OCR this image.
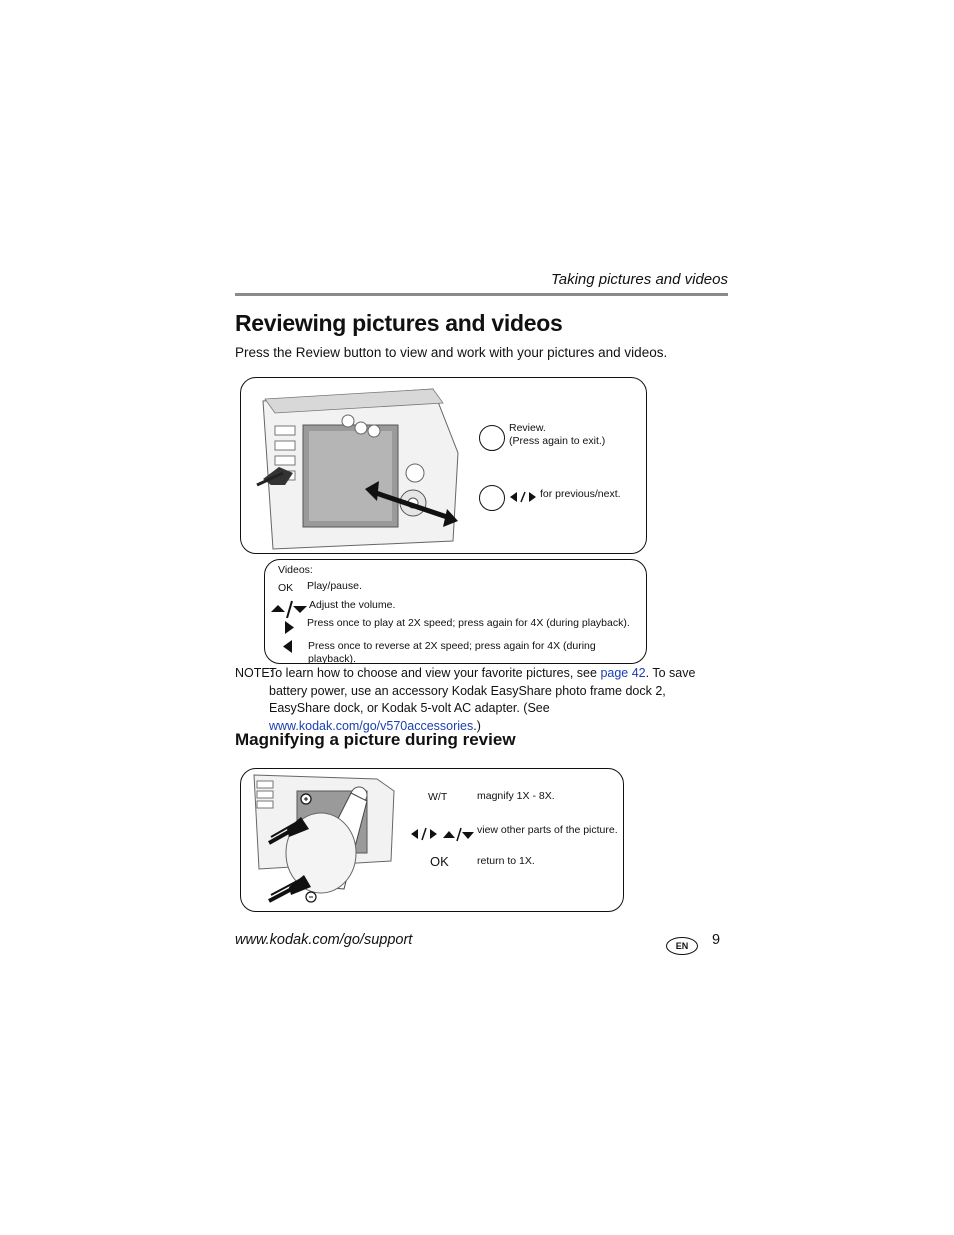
Taking pictures and videos
Reviewing pictures and videos
Press the Review button to view and work with your pictures and videos.
Review.
(Press again to exit.)
for previous/next.
Videos:
OK Play/pause.
Adjust the volume.
Press once to play at 2X speed; press again for 4X (during playback).
Press once to reverse at 2X speed; press again for 4X (during playback).
NOTE:
To learn how to choose and view your favorite pictures, see page 42. To save battery power, use an accessory Kodak EasyShare photo frame dock 2, EasyShare dock, or Kodak 5-volt AC adapter. (See www.kodak.com/go/v570accessories.)
Magnifying a picture during review
W/T	magnify 1X - 8X.
view other parts of the picture.
OK	return to 1X.
www.kodak.com/go/support	EN	9
